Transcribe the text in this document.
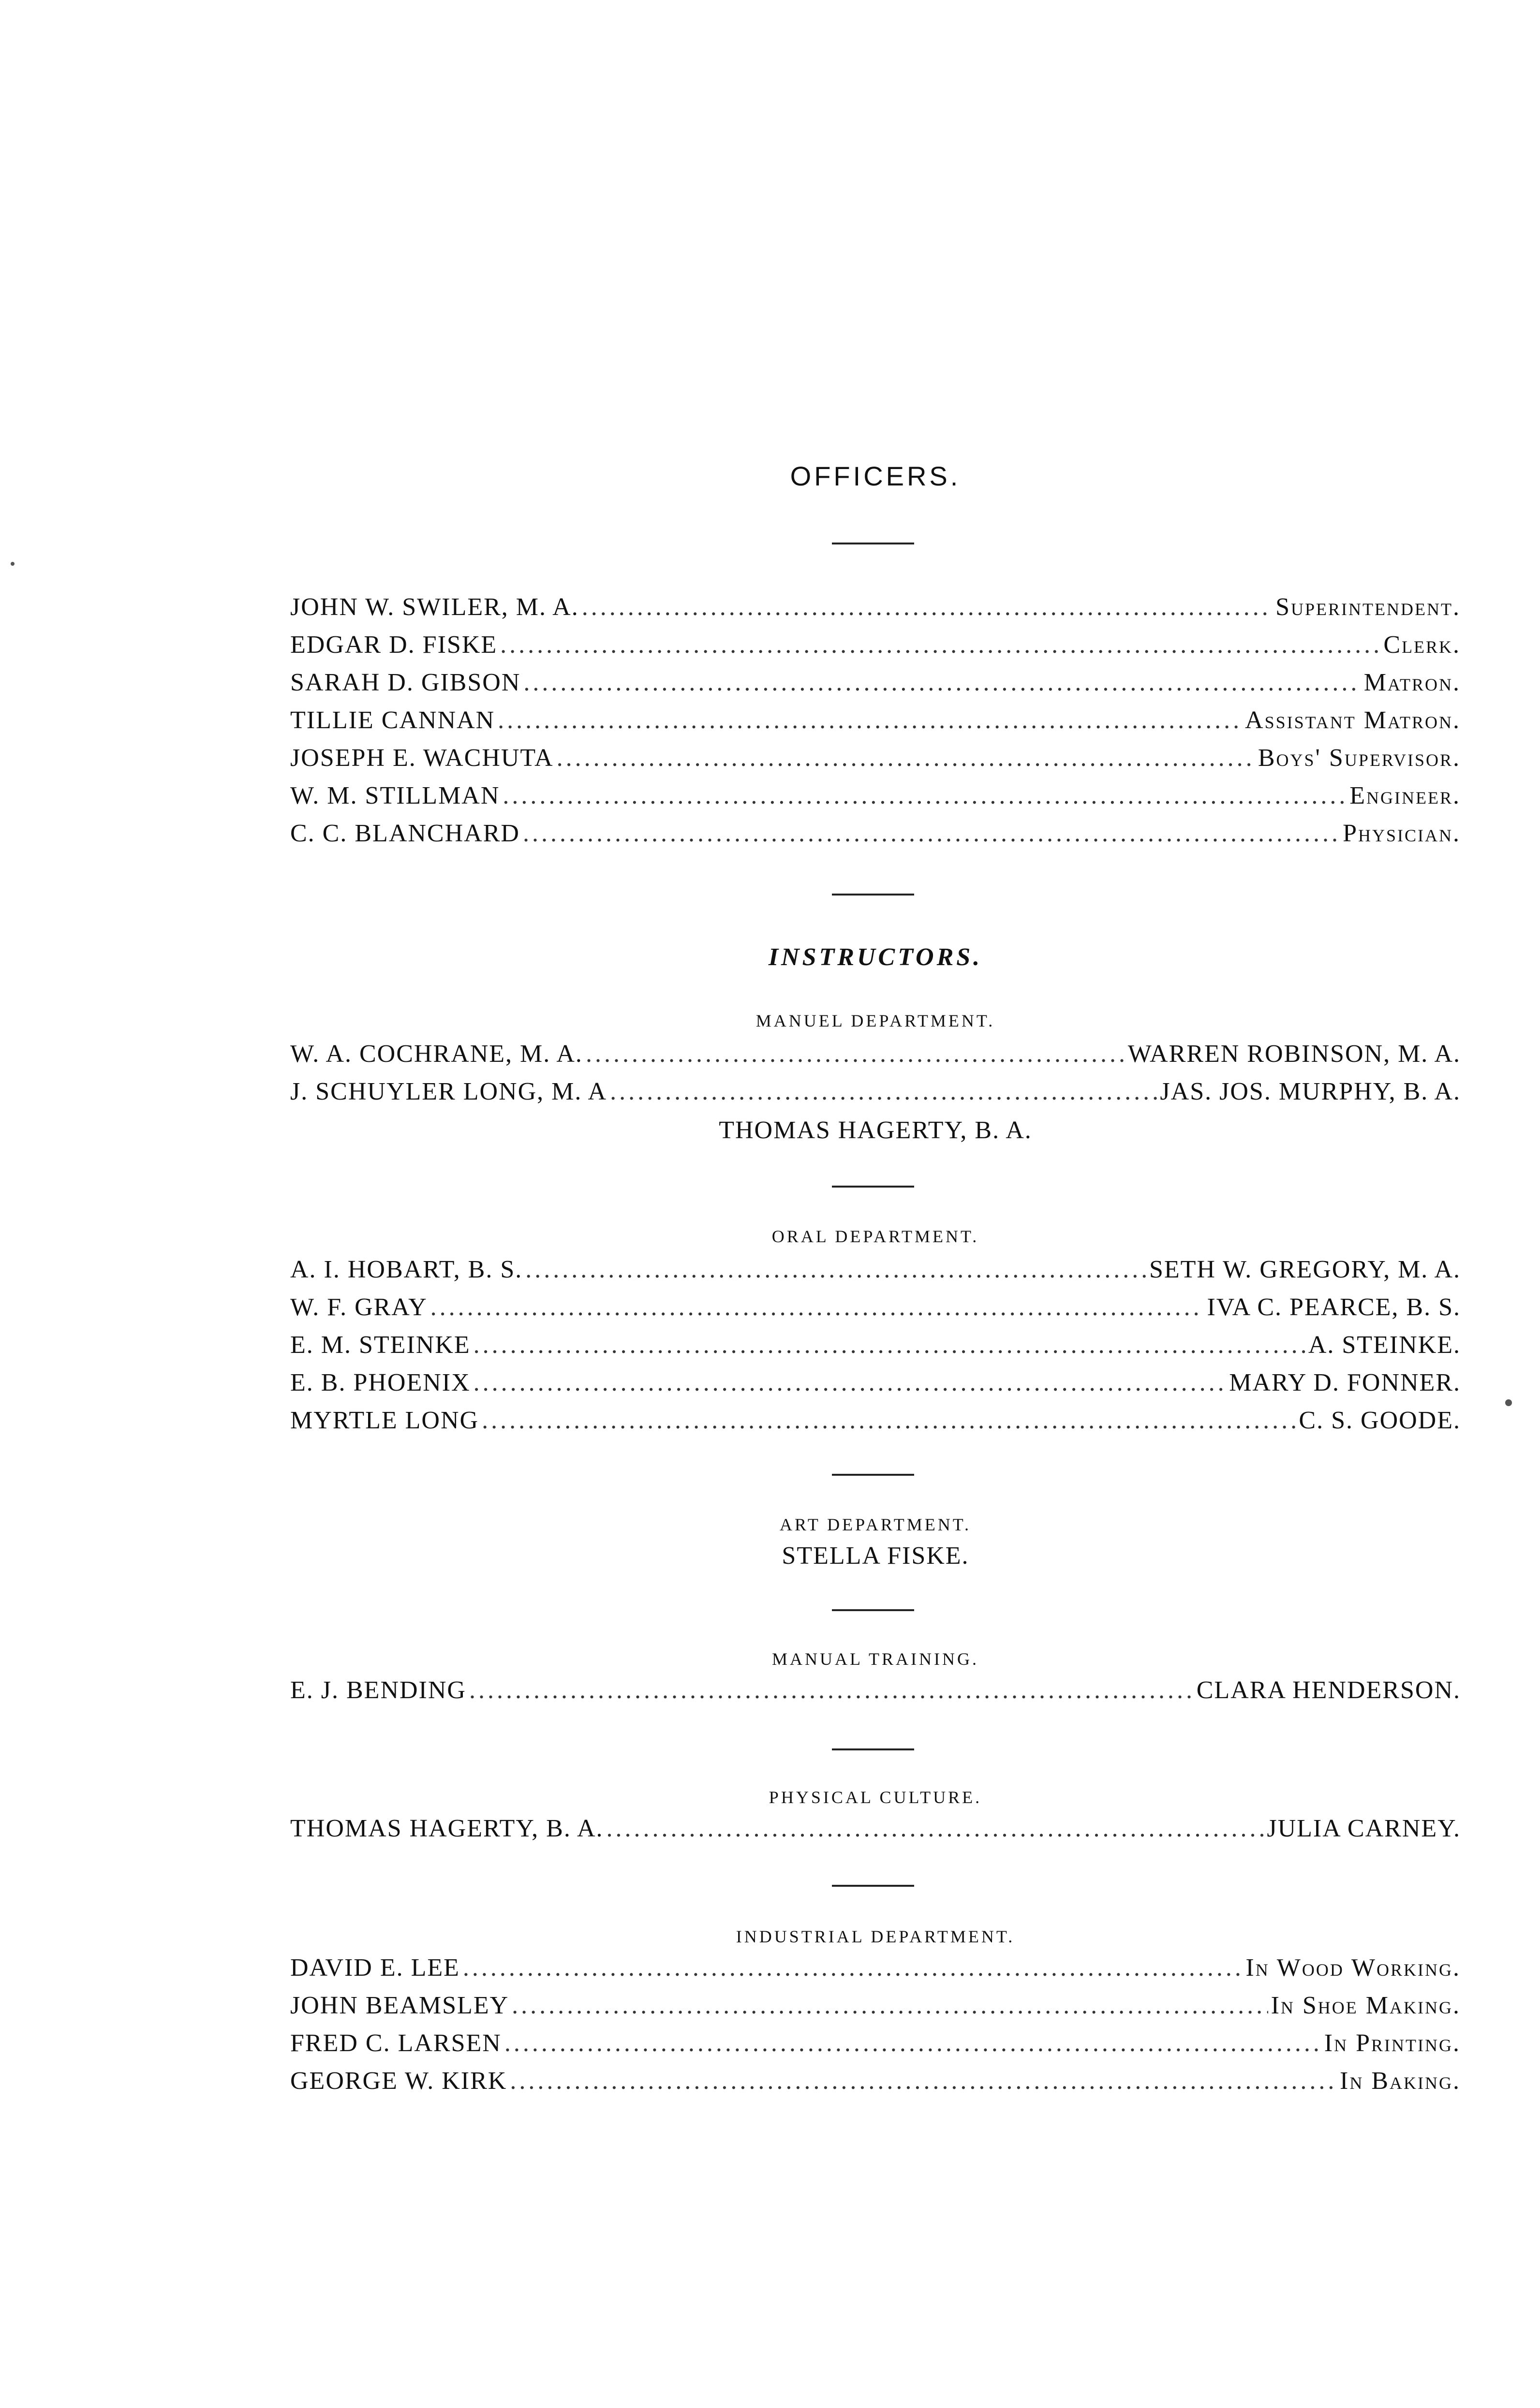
OFFICERS.
JOHN W. SWILER, M. A. .....	Superintendent.
EDGAR D. FISKE .....	Clerk.
SARAH D. GIBSON .....	Matron.
TILLIE CANNAN .....	Assistant Matron.
JOSEPH E. WACHUTA .....	Boys' Supervisor.
W. M. STILLMAN .....	Engineer.
C. C. BLANCHARD .....	Physician.
INSTRUCTORS.
MANUEL DEPARTMENT.
W. A. COCHRANE, M. A. .....	WARREN ROBINSON, M. A.
J. SCHUYLER LONG, M. A .....	JAS. JOS. MURPHY, B. A.
THOMAS HAGERTY, B. A.
ORAL DEPARTMENT.
A. I. HOBART, B. S. .....	SETH W. GREGORY, M. A.
W. F. GRAY .....	IVA C. PEARCE, B. S.
E. M. STEINKE .....	A. STEINKE.
E. B. PHOENIX .....	MARY D. FONNER.
MYRTLE LONG .....	C. S. GOODE.
ART DEPARTMENT.
STELLA FISKE.
MANUAL TRAINING.
E. J. BENDING .....	CLARA HENDERSON.
PHYSICAL CULTURE.
THOMAS HAGERTY, B. A. .....	JULIA CARNEY.
INDUSTRIAL DEPARTMENT.
DAVID E. LEE .....	In Wood Working.
JOHN BEAMSLEY .....	In Shoe Making.
FRED C. LARSEN .....	In Printing.
GEORGE W. KIRK .....	In Baking.
